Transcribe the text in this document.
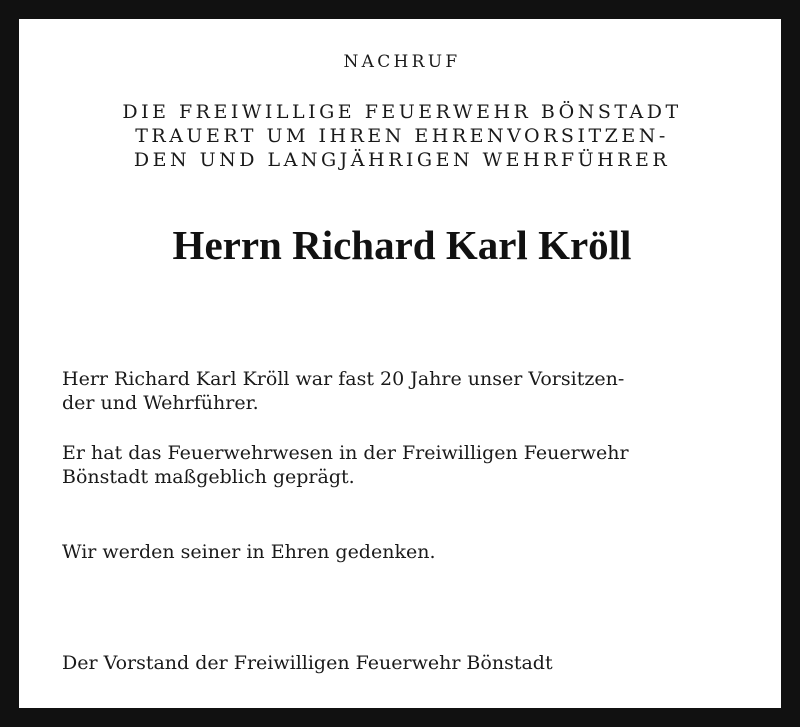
NACHRUF
DIE FREIWILLIGE FEUERWEHR BÖNSTADT
TRAUERT UM IHREN EHRENVORSITZEN-
DEN UND LANGJÄHRIGEN WEHRFÜHRER
Herrn Richard Karl Kröll
Herr Richard Karl Kröll war fast 20 Jahre unser Vorsitzen-
der und Wehrführer.
Er hat das Feuerwehrwesen in der Freiwilligen Feuerwehr
Bönstadt maßgeblich geprägt.
Wir werden seiner in Ehren gedenken.
Der Vorstand der Freiwilligen Feuerwehr Bönstadt
